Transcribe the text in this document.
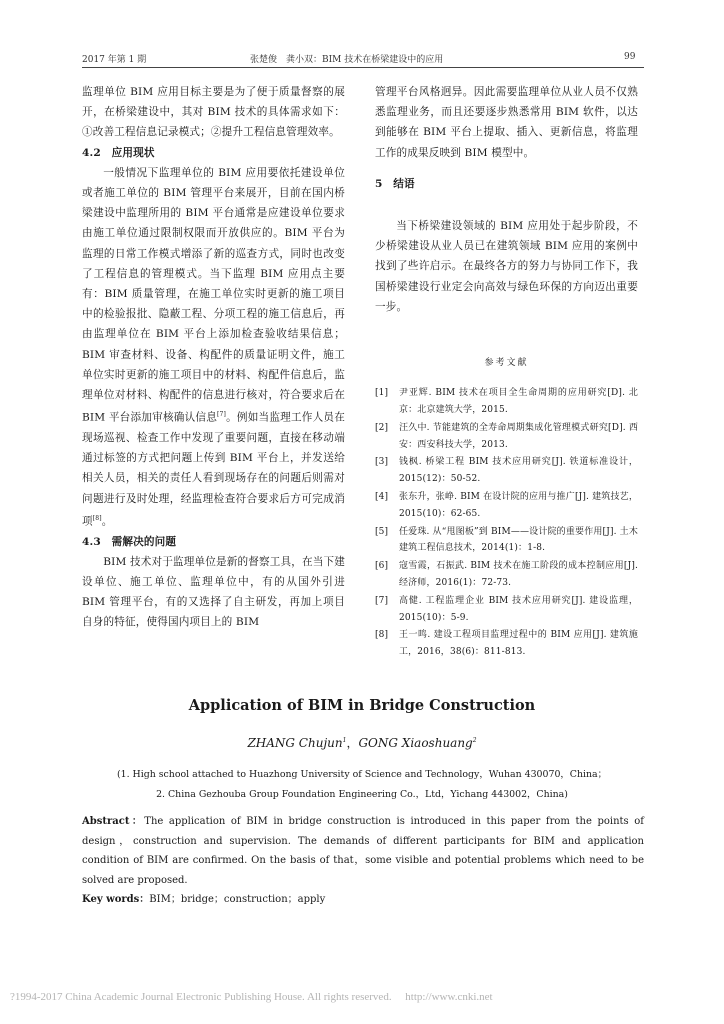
2017 年第 1 期	张楚俊　龚小双：BIM 技术在桥梁建设中的应用	99

监理单位 BIM 应用目标主要是为了便于质量督察的展开，在桥梁建设中，其对 BIM 技术的具体需求如下：①改善工程信息记录模式；②提升工程信息管理效率。

4.2　应用现状

一般情况下监理单位的 BIM 应用要依托建设单位或者施工单位的 BIM 管理平台来展开，目前在国内桥梁建设中监理所用的 BIM 平台通常是应建设单位要求由施工单位通过限制权限而开放供应的。BIM 平台为监理的日常工作模式增添了新的巡查方式，同时也改变了工程信息的管理模式。当下监理 BIM 应用点主要有：BIM 质量管理，在施工单位实时更新的施工项目中的检验报批、隐蔽工程、分项工程的施工信息后，再由监理单位在 BIM 平台上添加检查验收结果信息；BIM 审查材料、设备、构配件的质量证明文件，施工单位实时更新的施工项目中的材料、构配件信息后，监理单位对材料、构配件的信息进行核对，符合要求后在 BIM 平台添加审核确认信息[7]。例如当监理工作人员在现场巡视、检查工作中发现了重要问题，直接在移动端通过标签的方式把问题上传到 BIM 平台上，并发送给相关人员，相关的责任人看到现场存在的问题后则需对问题进行及时处理，经监理检查符合要求后方可完成消项[8]。

4.3　需解决的问题

BIM 技术对于监理单位是新的督察工具，在当下建设单位、施工单位、监理单位中，有的从国外引进 BIM 管理平台，有的又选择了自主研发，再加上项目自身的特征，使得国内项目上的 BIM

管理平台风格迥异。因此需要监理单位从业人员不仅熟悉监理业务，而且还要逐步熟悉常用 BIM 软件，以达到能够在 BIM 平台上提取、插入、更新信息，将监理工作的成果反映到 BIM 模型中。

5　结语

当下桥梁建设领域的 BIM 应用处于起步阶段，不少桥梁建设从业人员已在建筑领域 BIM 应用的案例中找到了些许启示。在最终各方的努力与协同工作下，我国桥梁建设行业定会向高效与绿色环保的方向迈出重要一步。

参考文献
[1]	尹亚辉. BIM 技术在项目全生命周期的应用研究[D]. 北京：北京建筑大学，2015.
[2]	汪久中. 节能建筑的全寿命周期集成化管理模式研究[D]. 西安：西安科技大学，2013.
[3]	钱枫. 桥梁工程 BIM 技术应用研究[J]. 铁道标准设计，2015(12)：50-52.
[4]	张东升，张峥. BIM 在设计院的应用与推广[J]. 建筑技艺，2015(10)：62-65.
[5]	任爱珠. 从“甩图板”到 BIM——设计院的重要作用[J]. 土木建筑工程信息技术，2014(1)：1-8.
[6]	寇雪霞，石振武. BIM 技术在施工阶段的成本控制应用[J]. 经济师，2016(1)：72-73.
[7]	高健. 工程监理企业 BIM 技术应用研究[J]. 建设监理，2015(10)：5-9.
[8]	王一鸣. 建设工程项目监理过程中的 BIM 应用[J]. 建筑施工，2016，38(6)：811-813.
Application of BIM in Bridge Construction
ZHANG Chujun$^1$，GONG Xiaoshuang$^2$
(1. High school attached to Huazhong University of Science and Technology，Wuhan 430070，China；
2. China Gezhouba Group Foundation Engineering Co.，Ltd，Yichang 443002，China)

Abstract：The application of BIM in bridge construction is introduced in this paper from the points of design，construction and supervision. The demands of different participants for BIM and application condition of BIM are confirmed. On the basis of that，some visible and potential problems which need to be solved are proposed.

Key words：BIM；bridge；construction；apply

?1994-2017 China Academic Journal Electronic Publishing House. All rights reserved.　 http://www.cnki.net
